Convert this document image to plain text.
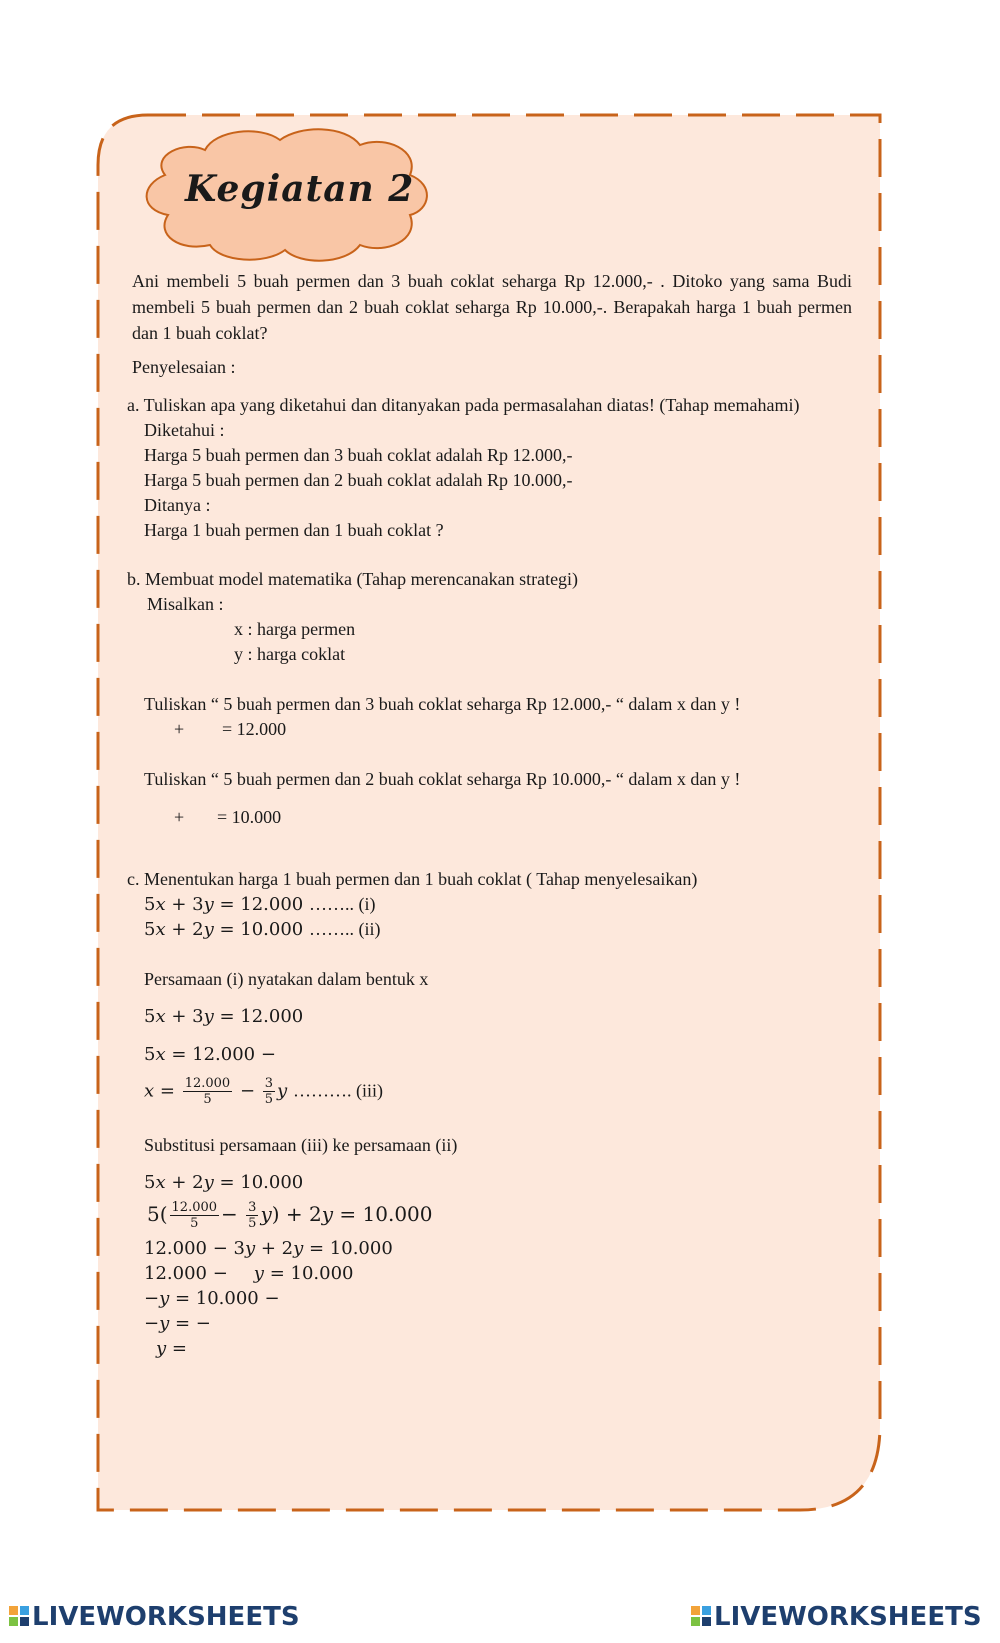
Kegiatan 2
Ani membeli 5 buah permen dan 3 buah coklat seharga Rp 12.000,- . Ditoko yang sama Budi membeli 5 buah permen dan 2 buah coklat seharga Rp 10.000,-. Berapakah harga 1 buah permen dan 1 buah coklat?
Penyelesaian :
a. Tuliskan apa yang diketahui dan ditanyakan pada permasalahan diatas! (Tahap memahami)
Diketahui :
Harga 5 buah permen dan 3 buah coklat adalah Rp 12.000,-
Harga 5 buah permen dan 2 buah coklat adalah Rp 10.000,-
Ditanya :
Harga 1 buah permen dan 1 buah coklat ?
b. Membuat model matematika (Tahap merencanakan strategi)
Misalkan :
x : harga permen
y : harga coklat
Tuliskan “ 5 buah permen dan 3 buah coklat seharga Rp 12.000,- “ dalam x dan y !
+ = 12.000
Tuliskan “ 5 buah permen dan 2 buah coklat seharga Rp 10.000,- “ dalam x dan y !
+ = 10.000
c. Menentukan harga 1 buah permen dan 1 buah coklat ( Tahap menyelesaikan)
5𝑥 + 3𝑦 = 12.000 …….. (i)
5𝑥 + 2𝑦 = 10.000 …….. (ii)
Persamaan (i) nyatakan dalam bentuk x
5𝑥 + 3𝑦 = 12.000
5𝑥 = 12.000 −
𝑥 = $\frac{12.000}{5} - \frac{3}{5}$ 𝑦 ………. (iii)
Substitusi persamaan (iii) ke persamaan (ii)
5𝑥 + 2𝑦 = 10.000
$5( \frac{12.000}{5} - \frac{3}{5}$ 𝑦) + 2𝑦 = 10.000
12.000 − 3𝑦 + 2𝑦 = 10.000
12.000 − 𝑦 = 10.000
−𝑦 = 10.000 −
−𝑦 = −
𝑦 =
LIVEWORKSHEETS	LIVEWORKSHEETS
